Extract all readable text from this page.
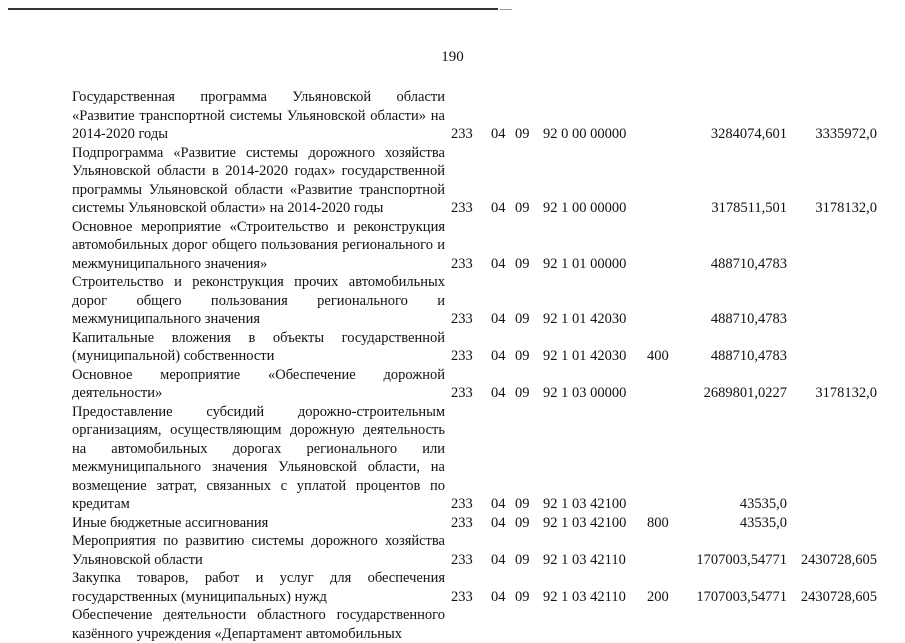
190
Государственная программа Ульяновской области «Развитие транспортной системы Ульяновской области» на 2014-2020 годы	233	04	09	92 0 00 00000		3284074,601	3335972,0
Подпрограмма «Развитие системы дорожного хозяйства Ульяновской области в 2014-2020 годах» государственной программы Ульяновской области «Развитие транспортной системы Ульяновской области» на 2014-2020 годы	233	04	09	92 1 00 00000		3178511,501	3178132,0
Основное мероприятие «Строительство и реконструкция автомобильных дорог общего пользования регионального и межмуниципального значения»	233	04	09	92 1 01 00000		488710,4783	
Строительство и реконструкция прочих автомобильных дорог общего пользования регионального и межмуниципального значения	233	04	09	92 1 01 42030		488710,4783	
Капитальные вложения в объекты государственной (муниципальной) собственности	233	04	09	92 1 01 42030	400	488710,4783	
Основное мероприятие «Обеспечение дорожной деятельности»	233	04	09	92 1 03 00000		2689801,0227	3178132,0
Предоставление субсидий дорожно-строительным организациям, осуществляющим дорожную деятельность на автомобильных дорогах регионального или межмуниципального значения Ульяновской области, на возмещение затрат, связанных с уплатой процентов по кредитам	233	04	09	92 1 03 42100		43535,0	
Иные бюджетные ассигнования	233	04	09	92 1 03 42100	800	43535,0	
Мероприятия по развитию системы дорожного хозяйства Ульяновской области	233	04	09	92 1 03 42110		1707003,54771	2430728,605
Закупка товаров, работ и услуг для обеспечения государственных (муниципальных) нужд	233	04	09	92 1 03 42110	200	1707003,54771	2430728,605
Обеспечение деятельности областного государственного казённого учреждения «Департамент автомобильных							
